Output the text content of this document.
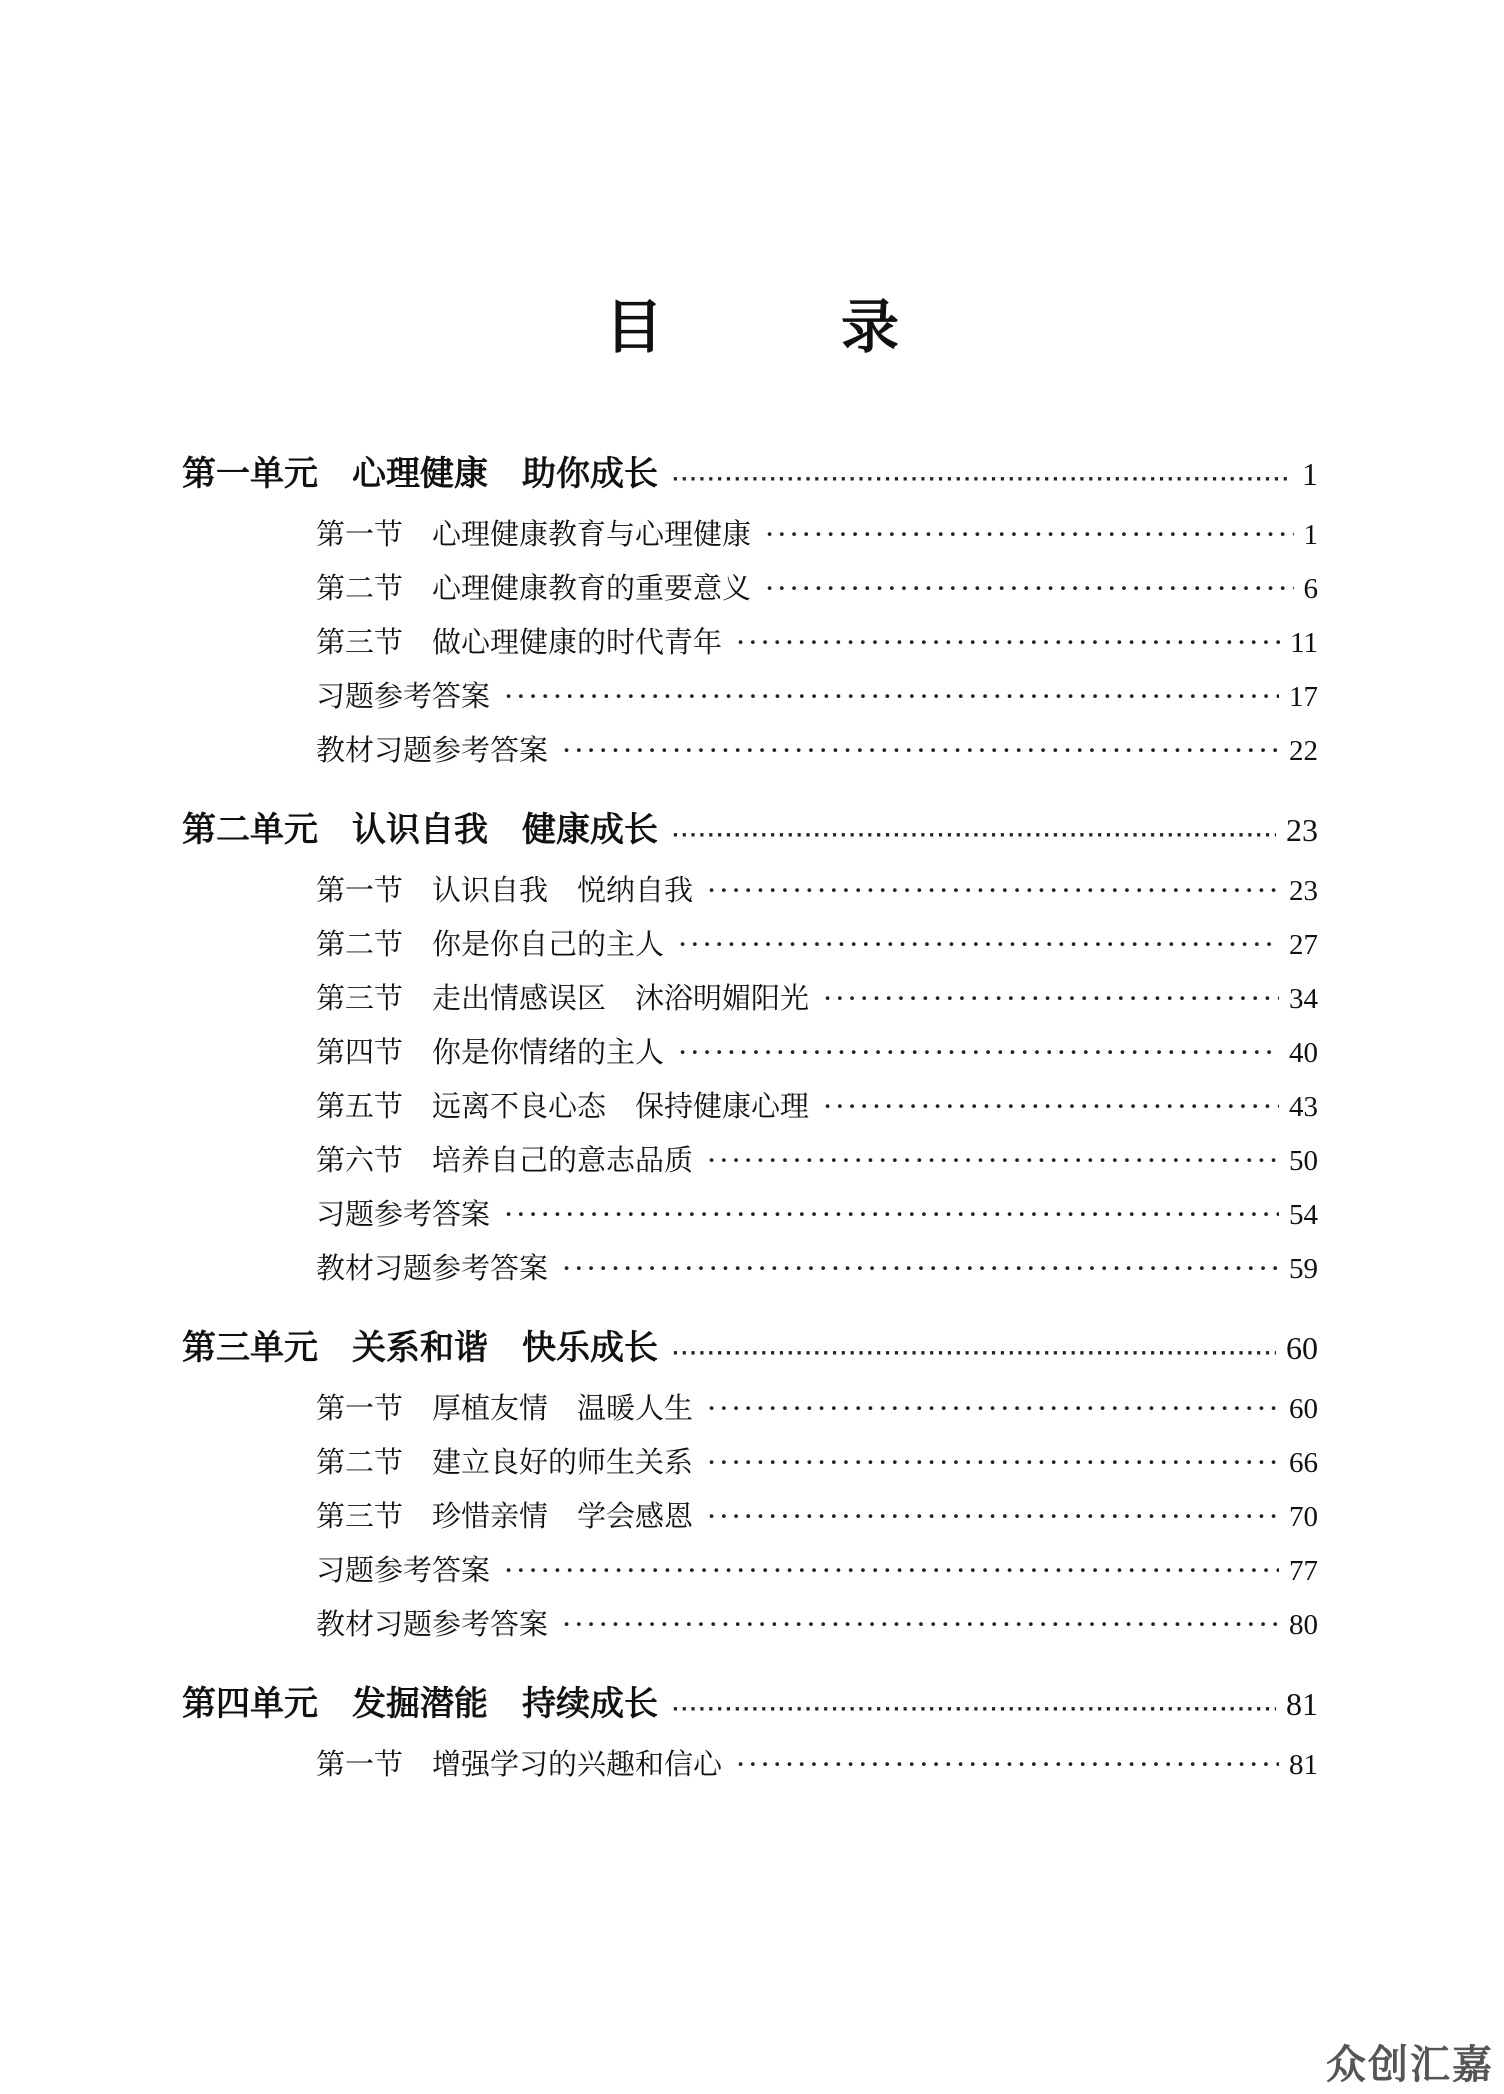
目　录
第一单元　心理健康　助你成长 ·····	1
第一节　心理健康教育与心理健康 ·····	1
第二节　心理健康教育的重要意义 ·····	6
第三节　做心理健康的时代青年 ·····	11
习题参考答案 ·····	17
教材习题参考答案 ·····	22
第二单元　认识自我　健康成长 ·····	23
第一节　认识自我　悦纳自我 ·····	23
第二节　你是你自己的主人 ·····	27
第三节　走出情感误区　沐浴明媚阳光 ·····	34
第四节　你是你情绪的主人 ·····	40
第五节　远离不良心态　保持健康心理 ·····	43
第六节　培养自己的意志品质 ·····	50
习题参考答案 ·····	54
教材习题参考答案 ·····	59
第三单元　关系和谐　快乐成长 ·····	60
第一节　厚植友情　温暖人生 ·····	60
第二节　建立良好的师生关系 ·····	66
第三节　珍惜亲情　学会感恩 ·····	70
习题参考答案 ·····	77
教材习题参考答案 ·····	80
第四单元　发掘潜能　持续成长 ·····	81
第一节　增强学习的兴趣和信心 ·····	81
众创汇嘉
